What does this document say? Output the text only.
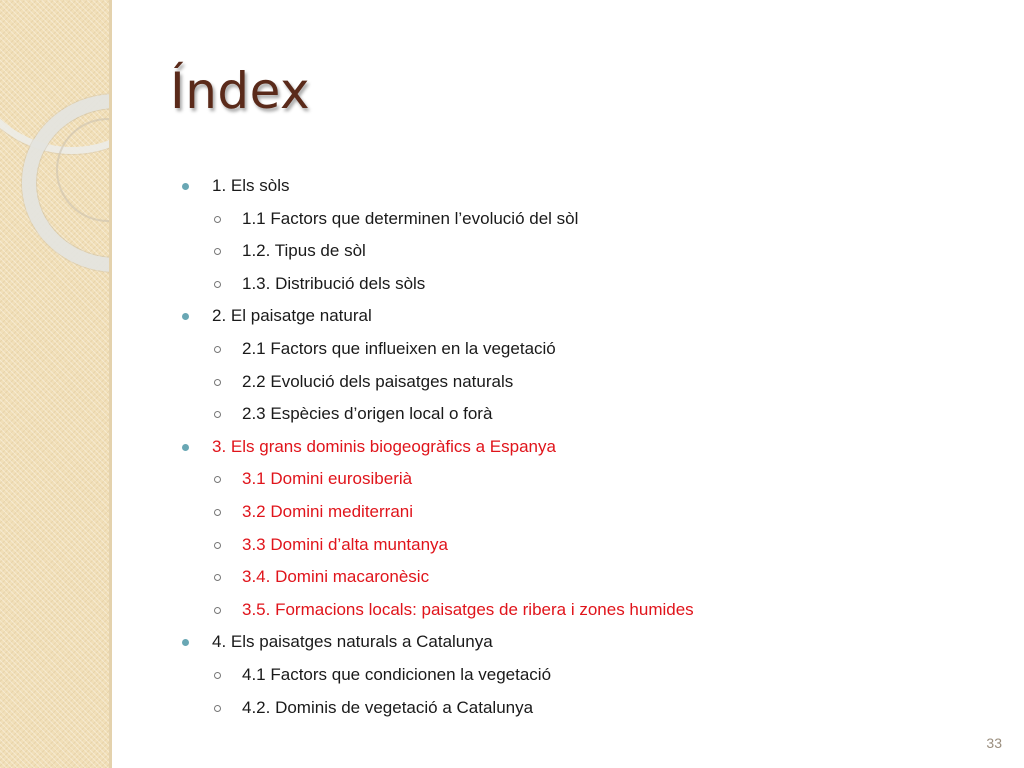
Índex
1. Els sòls
1.1 Factors que determinen l’evolució del sòl
1.2. Tipus de sòl
1.3. Distribució dels sòls
2. El paisatge natural
2.1 Factors que influeixen en la vegetació
2.2 Evolució dels paisatges naturals
2.3 Espècies d’origen local o forà
3. Els grans dominis biogeogràfics a Espanya
3.1 Domini eurosiberià
3.2 Domini mediterrani
3.3 Domini d’alta muntanya
3.4. Domini macaronèsic
3.5. Formacions locals: paisatges de ribera i zones humides
4. Els paisatges naturals a Catalunya
4.1 Factors que condicionen la vegetació
4.2. Dominis de vegetació a Catalunya
33
